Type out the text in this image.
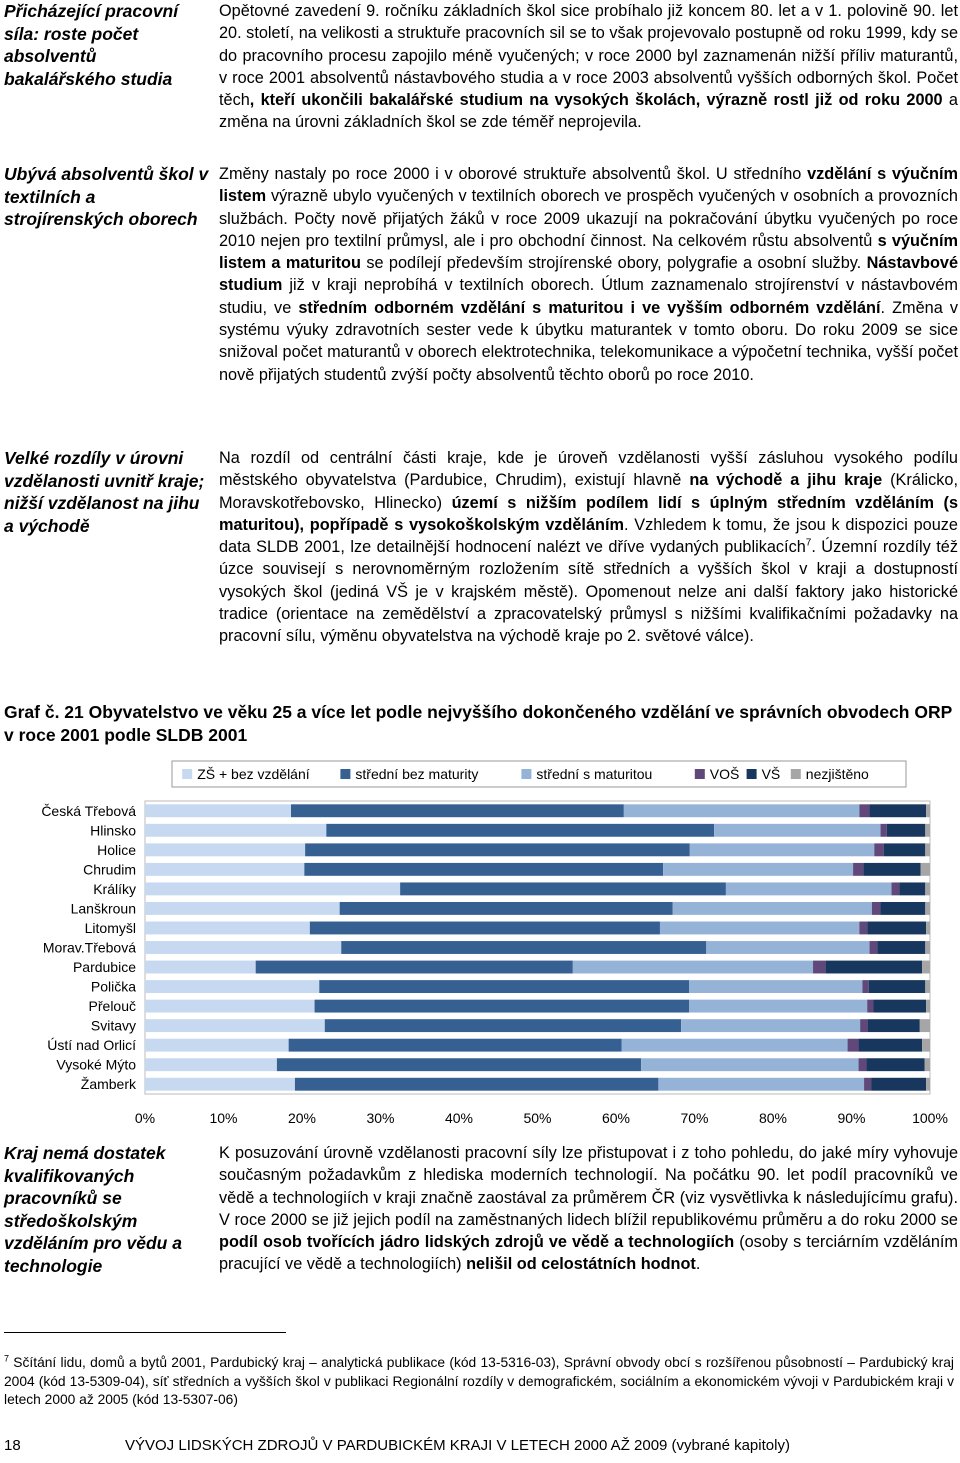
Přicházející pracovní síla: roste počet absolventů bakalářského studia
Ubývá absolventů škol v textilních a strojírenských oborech
Velké rozdíly v úrovni vzdělanosti uvnitř kraje; nižší vzdělanost na jihu a východě
Kraj nemá dostatek kvalifikovaných pracovníků se středoškolským vzděláním pro vědu a technologie

Opětovné zavedení 9. ročníku základních škol sice probíhalo již koncem 80. let a v 1. polovině 90. let 20. století, na velikosti a struktuře pracovních sil se to však projevovalo postupně od roku 1999, kdy se do pracovního procesu zapojilo méně vyučených; v roce 2000 byl zaznamenán nižší příliv maturantů, v roce 2001 absolventů nástavbového studia a v roce 2003 absolventů vyšších odborných škol. Počet těch, kteří ukončili bakalářské studium na vysokých školách, výrazně rostl již od roku 2000 a změna na úrovni základních škol se zde téměř neprojevila.

Změny nastaly po roce 2000 i v oborové struktuře absolventů škol. U středního vzdělání s výučním listem výrazně ubylo vyučených v textilních oborech ve prospěch vyučených v osobních a provozních službách. Počty nově přijatých žáků v roce 2009 ukazují na pokračování úbytku vyučených po roce 2010 nejen pro textilní průmysl, ale i pro obchodní činnost. Na celkovém růstu absolventů s výučním listem a maturitou se podílejí především strojírenské obory, polygrafie a osobní služby. Nástavbové studium již v kraji neprobíhá v textilních oborech. Útlum zaznamenalo strojírenství v nástavbovém studiu, ve středním odborném vzdělání s maturitou i ve vyšším odborném vzdělání. Změna v systému výuky zdravotních sester vede k úbytku maturantek v tomto oboru. Do roku 2009 se sice snižoval počet maturantů v oborech elektrotechnika, telekomunikace a výpočetní technika, vyšší počet nově přijatých studentů zvýší počty absolventů těchto oborů po roce 2010.

Na rozdíl od centrální části kraje, kde je úroveň vzdělanosti vyšší zásluhou vysokého podílu městského obyvatelstva (Pardubice, Chrudim), existují hlavně na východě a jihu kraje (Králicko, Moravskotřebovsko, Hlinecko) území s nižším podílem lidí s úplným středním vzděláním (s maturitou), popřípadě s vysokoškolským vzděláním. Vzhledem k tomu, že jsou k dispozici pouze data SLDB 2001, lze detailnější hodnocení nalézt ve dříve vydaných publikacích$^7$. Územní rozdíly též úzce souvisejí s nerovnoměrným rozložením sítě středních a vyšších škol v kraji a dostupností vysokých škol (jediná VŠ je v krajském městě). Opomenout nelze ani další faktory jako historické tradice (orientace na zemědělství a zpracovatelský průmysl s nižšími kvalifikačními požadavky na pracovní sílu, výměnu obyvatelstva na východě kraje po 2. světové válce).

Graf č. 21 Obyvatelstvo ve věku 25 a více let podle nejvyššího dokončeného vzdělání ve správních obvodech ORP v roce 2001 podle SLDB 2001
ZŠ + bez vzdělání	střední bez maturity	střední s maturitou	VOŠ VŠ nezjištěno
Česká Třebová
Hlinsko
Holice
Chrudim
Králíky
Lanškroun
Litomyšl
Morav.Třebová
Pardubice
Polička
Přelouč
Svitavy
Ústí nad Orlicí
Vysoké Mýto
Žamberk
0%	10%	20%	30%	40%	50%	60%	70%	80%	90%	100%

K posuzování úrovně vzdělanosti pracovní síly lze přistupovat i z toho pohledu, do jaké míry vyhovuje současným požadavkům z hlediska moderních technologií. Na počátku 90. let podíl pracovníků ve vědě a technologiích v kraji značně zaostával za průměrem ČR (viz vysvětlivka k následujícímu grafu). V roce 2000 se již jejich podíl na zaměstnaných lidech blížil republikovému průměru a do roku 2000 se podíl osob tvořících jádro lidských zdrojů ve vědě a technologiích (osoby s terciárním vzděláním pracující ve vědě a technologiích) nelišil od celostátních hodnot.

$^7$ Sčítání lidu, domů a bytů 2001, Pardubický kraj – analytická publikace (kód 13-5316-03), Správní obvody obcí s rozšířenou působností – Pardubický kraj 2004 (kód 13-5309-04), síť středních a vyšších škol v publikaci Regionální rozdíly v demografickém, sociálním a ekonomickém vývoji v Pardubickém kraji v letech 2000 až 2005 (kód 13-5307-06)
18	VÝVOJ LIDSKÝCH ZDROJŮ V PARDUBICKÉM KRAJI V LETECH 2000 AŽ 2009 (vybrané kapitoly)
